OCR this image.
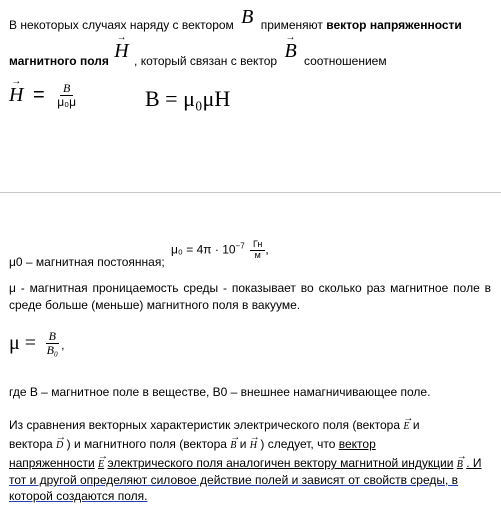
В некоторых случаях наряду с вектором B применяют вектор напряженности
магнитного поля
→
H , который связан с вектор
→
B соотношением
→
$H = \frac{B}{\text{μ₀μ}}$	B = μ₀μH
μ0 – магнитная постоянная;
$\mu_0 = 4\pi \cdot 10^{-7} \frac{Гн}{м}$ ,
μ - магнитная проницаемость среды - показывает во сколько раз магнитное поле в среде больше (меньше) магнитного поля в вакууме.
$\mu = \frac{B}{\text{B₀}}$ ,
где B – магнитное поле в веществе, B0 – внешнее намагничивающее поле.
Из сравнения векторных характеристик электрического поля (вектора →
E и
вектора →
D ) и магнитного поля (вектора →
B и →
H ) следует, что вектор
напряженности →
E электрического поля аналогичен вектору магнитной индукции →
B . И
тот и другой определяют силовое действие полей и зависят от свойств среды, в
которой создаются поля.
